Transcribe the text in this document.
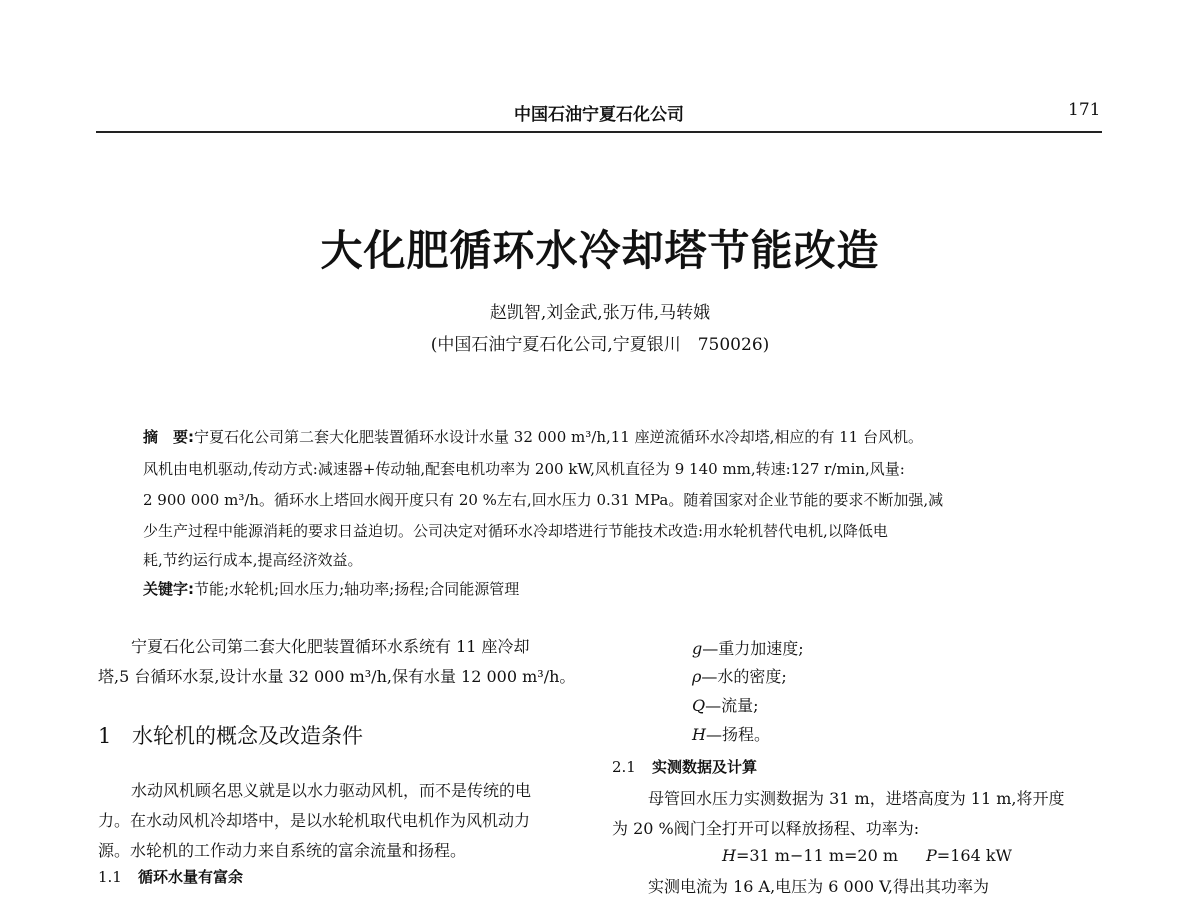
中国石油宁夏石化公司	171
大化肥循环水冷却塔节能改造
赵凯智,刘金武,张万伟,马转娥
(中国石油宁夏石化公司,宁夏银川　750026)
摘　要:宁夏石化公司第二套大化肥装置循环水设计水量 32 000 m³/h,11 座逆流循环水冷却塔,相应的有 11 台风机。
风机由电机驱动,传动方式:减速器+传动轴,配套电机功率为 200 kW,风机直径为 9 140 mm,转速:127 r/min,风量:
2 900 000 m³/h。循环水上塔回水阀开度只有 20 %左右,回水压力 0.31 MPa。随着国家对企业节能的要求不断加强,减
少生产过程中能源消耗的要求日益迫切。公司决定对循环水冷却塔进行节能技术改造:用水轮机替代电机,以降低电
耗,节约运行成本,提高经济效益。
关键字:节能;水轮机;回水压力;轴功率;扬程;合同能源管理
宁夏石化公司第二套大化肥装置循环水系统有 11 座冷却
塔,5 台循环水泵,设计水量 32 000 m³/h,保有水量 12 000 m³/h。
1 水轮机的概念及改造条件
水动风机顾名思义就是以水力驱动风机，而不是传统的电
力。在水动风机冷却塔中，是以水轮机取代电机作为风机动力
源。水轮机的工作动力来自系统的富余流量和扬程。
1.1 循环水量有富余
g—重力加速度;
ρ—水的密度;
Q—流量;
H—扬程。
2.1 实测数据及计算
母管回水压力实测数据为 31 m，进塔高度为 11 m,将开度
为 20 %阀门全打开可以释放扬程、功率为:
H=31 m−11 m=20 m P=164 kW
实测电流为 16 A,电压为 6 000 V,得出其功率为
